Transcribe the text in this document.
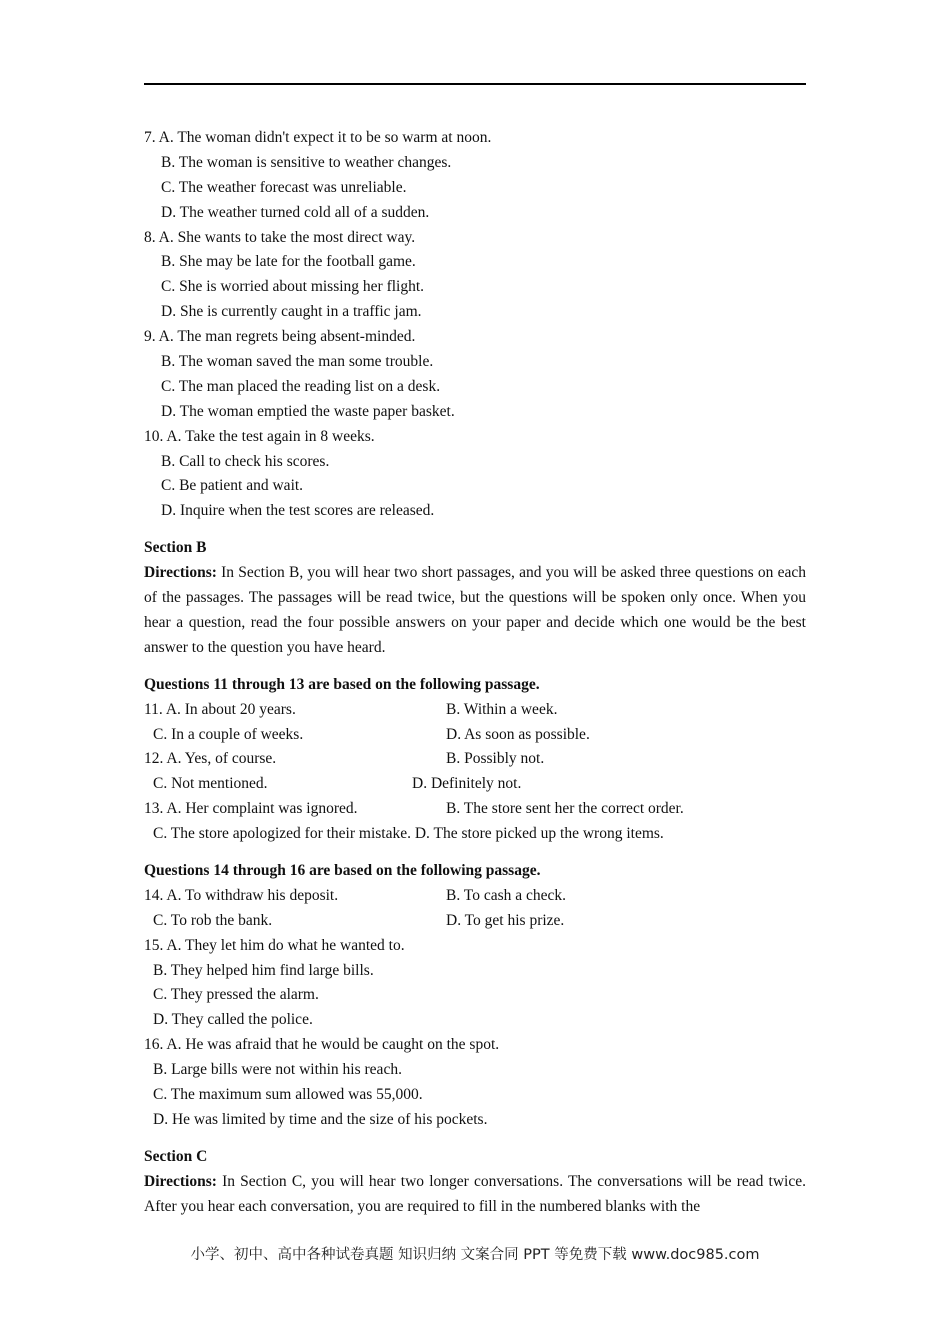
7. A. The woman didn't expect it to be so warm at noon.
B. The woman is sensitive to weather changes.
C. The weather forecast was unreliable.
D. The weather turned cold all of a sudden.
8. A. She wants to take the most direct way.
B. She may be late for the football game.
C. She is worried about missing her flight.
D. She is currently caught in a traffic jam.
9. A. The man regrets being absent-minded.
B. The woman saved the man some trouble.
C. The man placed the reading list on a desk.
D. The woman emptied the waste paper basket.
10. A. Take the test again in 8 weeks.
B. Call to check his scores.
C. Be patient and wait.
D. Inquire when the test scores are released.
Section B
Directions: In Section B, you will hear two short passages, and you will be asked three questions on each of the passages. The passages will be read twice, but the questions will be spoken only once. When you hear a question, read the four possible answers on your paper and decide which one would be the best answer to the question you have heard.
Questions 11 through 13 are based on the following passage.
11. A. In about 20 years.	B. Within a week.
C. In a couple of weeks.	D. As soon as possible.
12. A. Yes, of course.	B. Possibly not.
C. Not mentioned.	D. Definitely not.
13. A. Her complaint was ignored.	B. The store sent her the correct order.
C. The store apologized for their mistake. D. The store picked up the wrong items.
Questions 14 through 16 are based on the following passage.
14. A. To withdraw his deposit.	B. To cash a check.
C. To rob the bank.	D. To get his prize.
15. A. They let him do what he wanted to.
B. They helped him find large bills.
C. They pressed the alarm.
D. They called the police.
16. A. He was afraid that he would be caught on the spot.
B. Large bills were not within his reach.
C. The maximum sum allowed was 55,000.
D. He was limited by time and the size of his pockets.
Section C
Directions: In Section C, you will hear two longer conversations. The conversations will be read twice. After you hear each conversation, you are required to fill in the numbered blanks with the
小学、初中、高中各种试卷真题 知识归纳 文案合同 PPT 等免费下载 www.doc985.com
